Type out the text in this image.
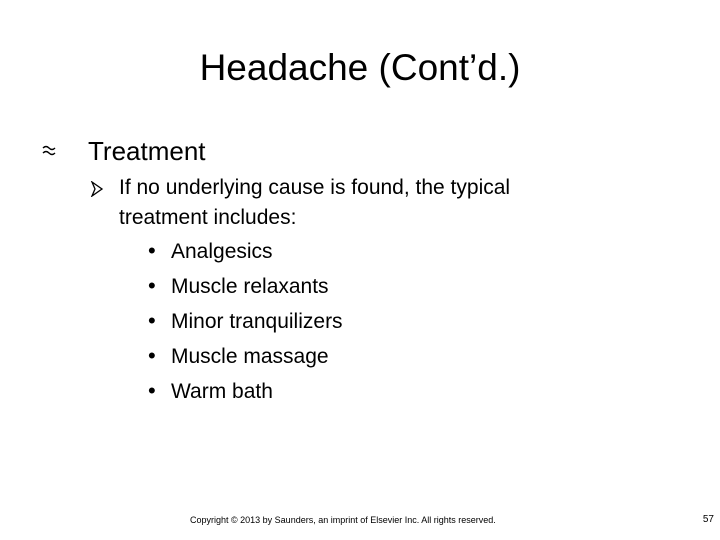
Headache (Cont’d.)
Treatment
If no underlying cause is found, the typical treatment includes:
• Analgesics
• Muscle relaxants
• Minor tranquilizers
• Muscle massage
• Warm bath
Copyright © 2013 by Saunders, an imprint of Elsevier Inc. All rights reserved.	57
